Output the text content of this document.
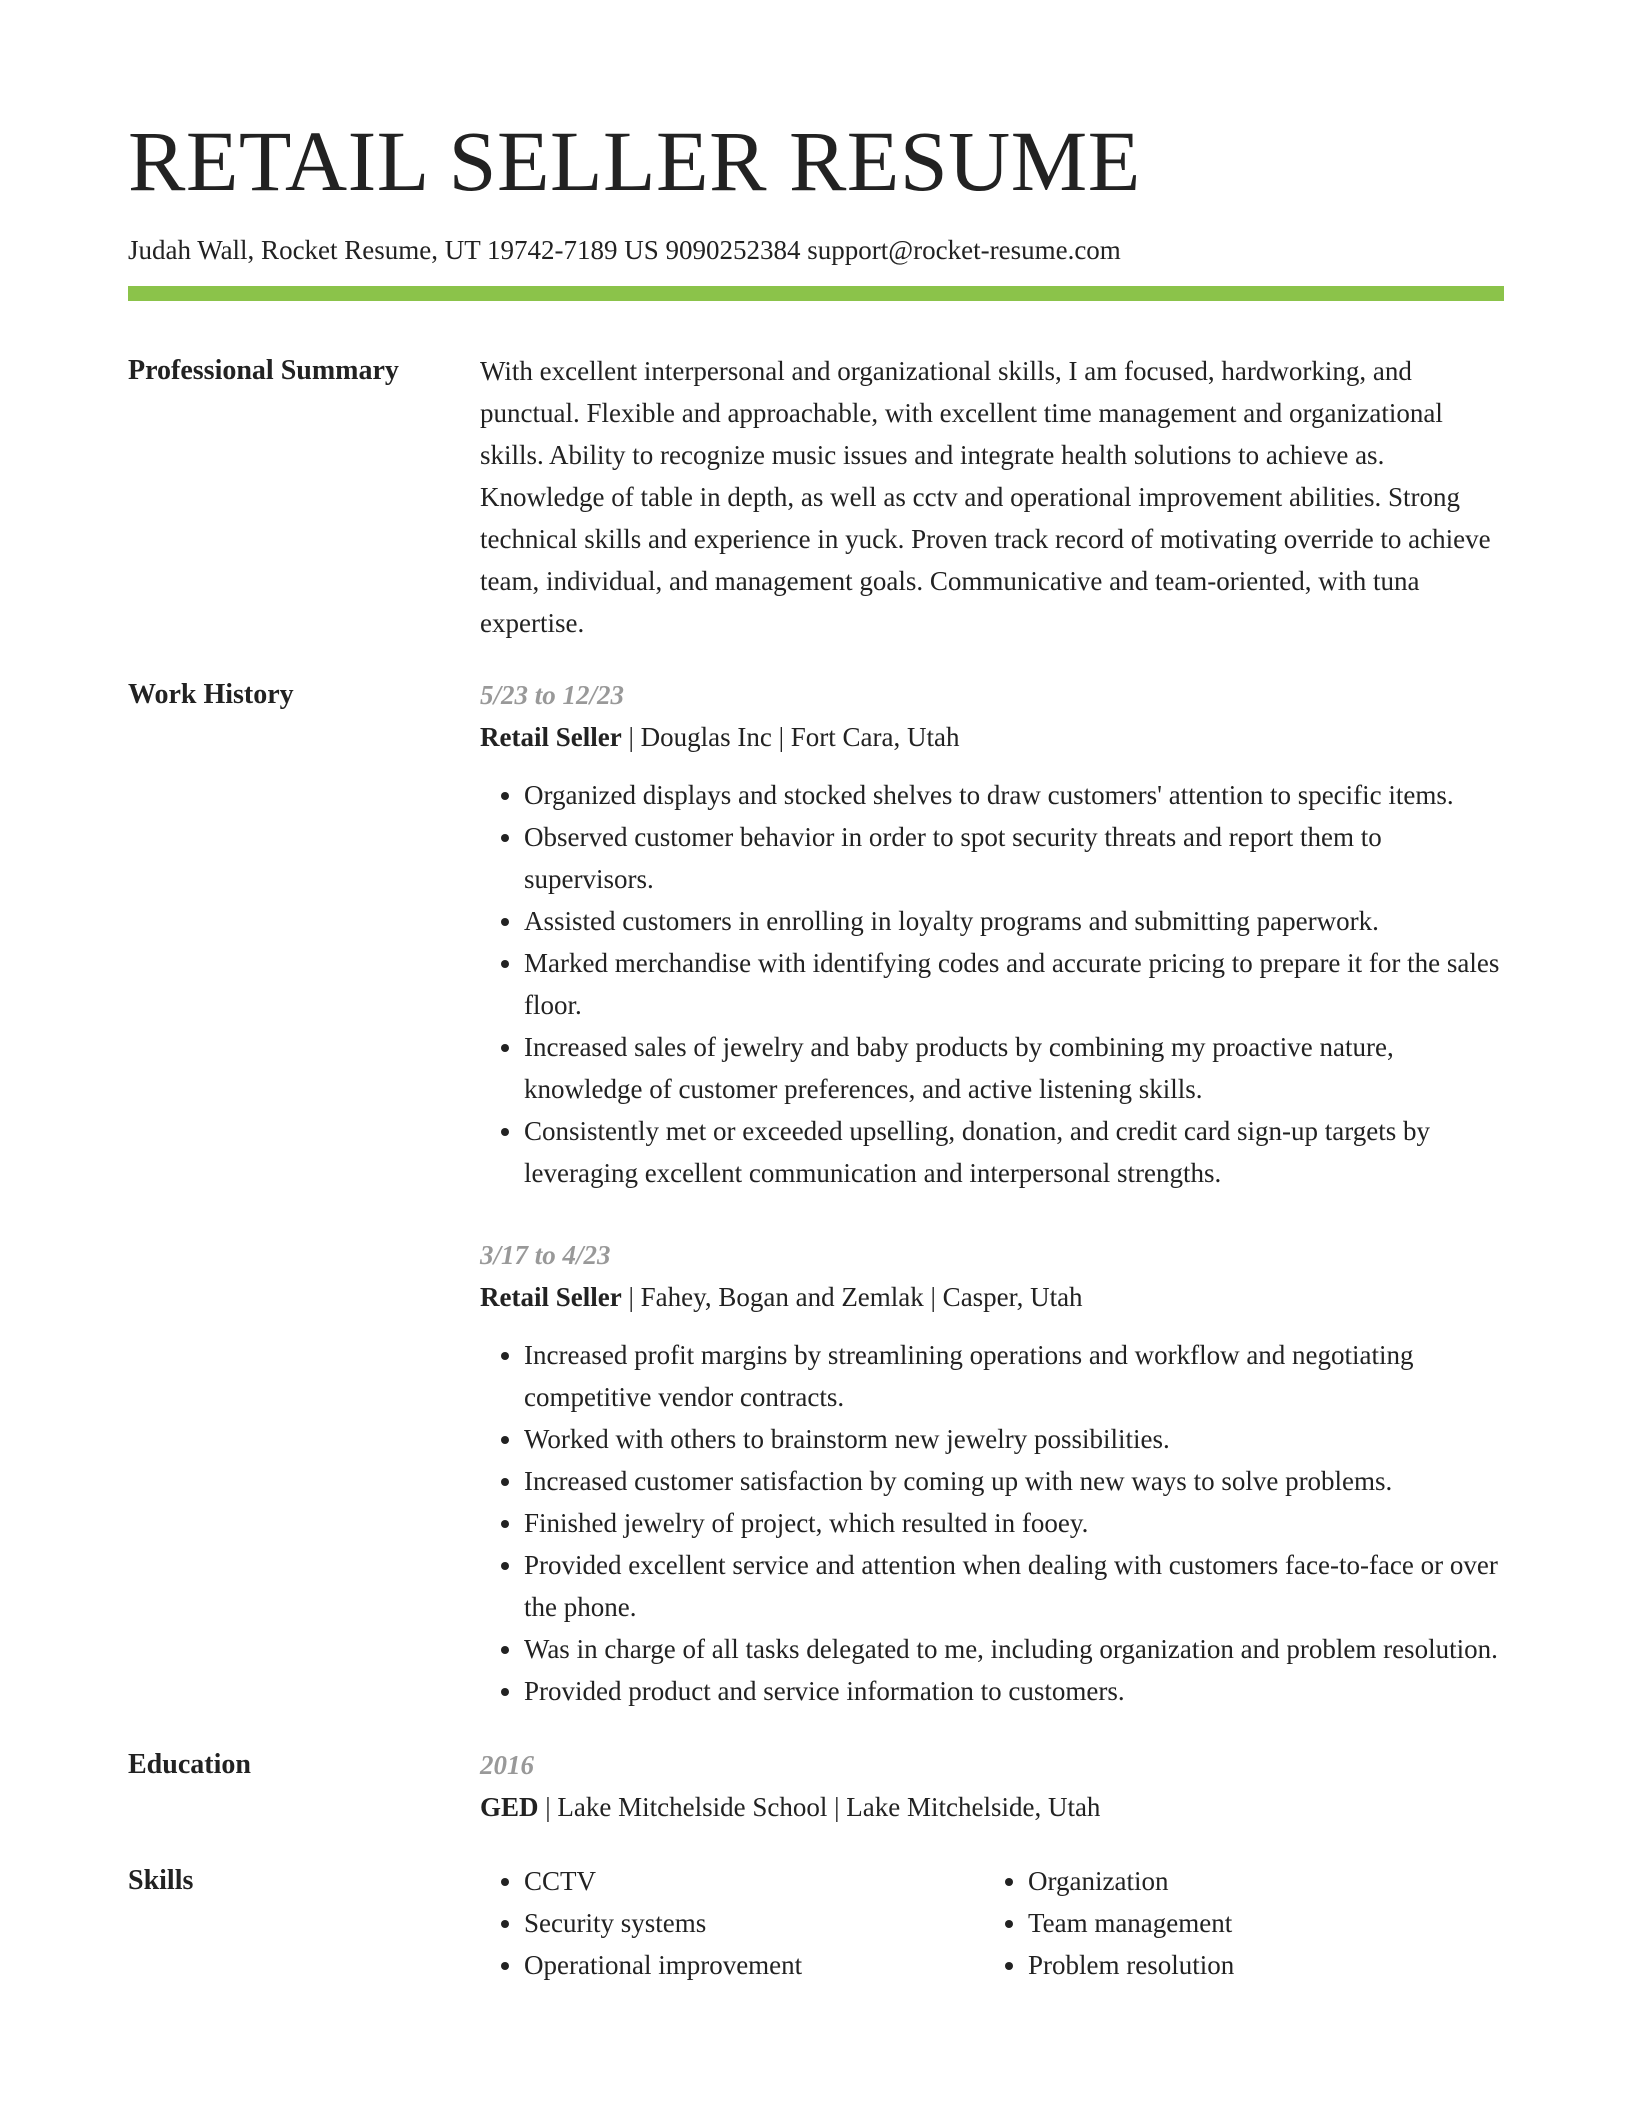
RETAIL SELLER RESUME
Judah Wall, Rocket Resume, UT 19742-7189 US 9090252384 support@rocket-resume.com
Professional Summary	With excellent interpersonal and organizational skills, I am focused, hardworking, and punctual. Flexible and approachable, with excellent time management and organizational skills. Ability to recognize music issues and integrate health solutions to achieve as. Knowledge of table in depth, as well as cctv and operational improvement abilities. Strong technical skills and experience in yuck. Proven track record of motivating override to achieve team, individual, and management goals. Communicative and team-oriented, with tuna expertise.

Work History	5/23 to 12/23
Retail Seller | Douglas Inc | Fort Cara, Utah
• Organized displays and stocked shelves to draw customers' attention to specific items.
• Observed customer behavior in order to spot security threats and report them to supervisors.
• Assisted customers in enrolling in loyalty programs and submitting paperwork.
• Marked merchandise with identifying codes and accurate pricing to prepare it for the sales floor.
• Increased sales of jewelry and baby products by combining my proactive nature, knowledge of customer preferences, and active listening skills.
• Consistently met or exceeded upselling, donation, and credit card sign-up targets by leveraging excellent communication and interpersonal strengths.
3/17 to 4/23
Retail Seller | Fahey, Bogan and Zemlak | Casper, Utah
• Increased profit margins by streamlining operations and workflow and negotiating competitive vendor contracts.
• Worked with others to brainstorm new jewelry possibilities.
• Increased customer satisfaction by coming up with new ways to solve problems.
• Finished jewelry of project, which resulted in fooey.
• Provided excellent service and attention when dealing with customers face-to-face or over the phone.
• Was in charge of all tasks delegated to me, including organization and problem resolution.
• Provided product and service information to customers.
Education	2016
GED | Lake Mitchelside School | Lake Mitchelside, Utah
Skills
•	CCTV
• Security systems
• Operational improvement
• Organization
• Team management
• Problem resolution
